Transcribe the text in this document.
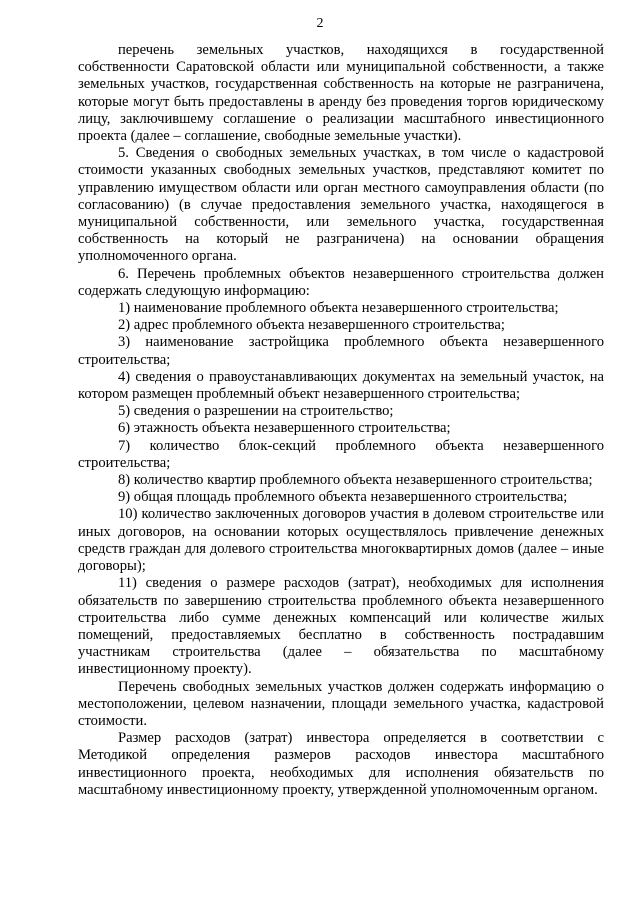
2

перечень земельных участков, находящихся в государственной собственности Саратовской области или муниципальной собственности, а также земельных участков, государственная собственность на которые не разграничена, которые могут быть предоставлены в аренду без проведения торгов юридическому лицу, заключившему соглашение о реализации масштабного инвестиционного проекта (далее – соглашение, свободные земельные участки).

5. Сведения о свободных земельных участках, в том числе о кадастровой стоимости указанных свободных земельных участков, представляют комитет по управлению имуществом области или орган местного самоуправления области (по согласованию) (в случае предоставления земельного участка, находящегося в муниципальной собственности, или земельного участка, государственная собственность на который не разграничена) на основании обращения уполномоченного органа.

6. Перечень проблемных объектов незавершенного строительства должен содержать следующую информацию:

1) наименование проблемного объекта незавершенного строительства;

2) адрес проблемного объекта незавершенного строительства;

3) наименование застройщика проблемного объекта незавершенного строительства;

4) сведения о правоустанавливающих документах на земельный участок, на котором размещен проблемный объект незавершенного строительства;

5) сведения о разрешении на строительство;

6) этажность объекта незавершенного строительства;

7) количество блок-секций проблемного объекта незавершенного строительства;

8) количество квартир проблемного объекта незавершенного строительства;

9) общая площадь проблемного объекта незавершенного строительства;

10) количество заключенных договоров участия в долевом строительстве или иных договоров, на основании которых осуществлялось привлечение денежных средств граждан для долевого строительства многоквартирных домов (далее – иные договоры);

11) сведения о размере расходов (затрат), необходимых для исполнения обязательств по завершению строительства проблемного объекта незавершенного строительства либо сумме денежных компенсаций или количестве жилых помещений, предоставляемых бесплатно в собственность пострадавшим участникам строительства (далее – обязательства по масштабному инвестиционному проекту).

Перечень свободных земельных участков должен содержать информацию о местоположении, целевом назначении, площади земельного участка, кадастровой стоимости.

Размер расходов (затрат) инвестора определяется в соответствии с Методикой определения размеров расходов инвестора масштабного инвестиционного проекта, необходимых для исполнения обязательств по масштабному инвестиционному проекту, утвержденной уполномоченным органом.
